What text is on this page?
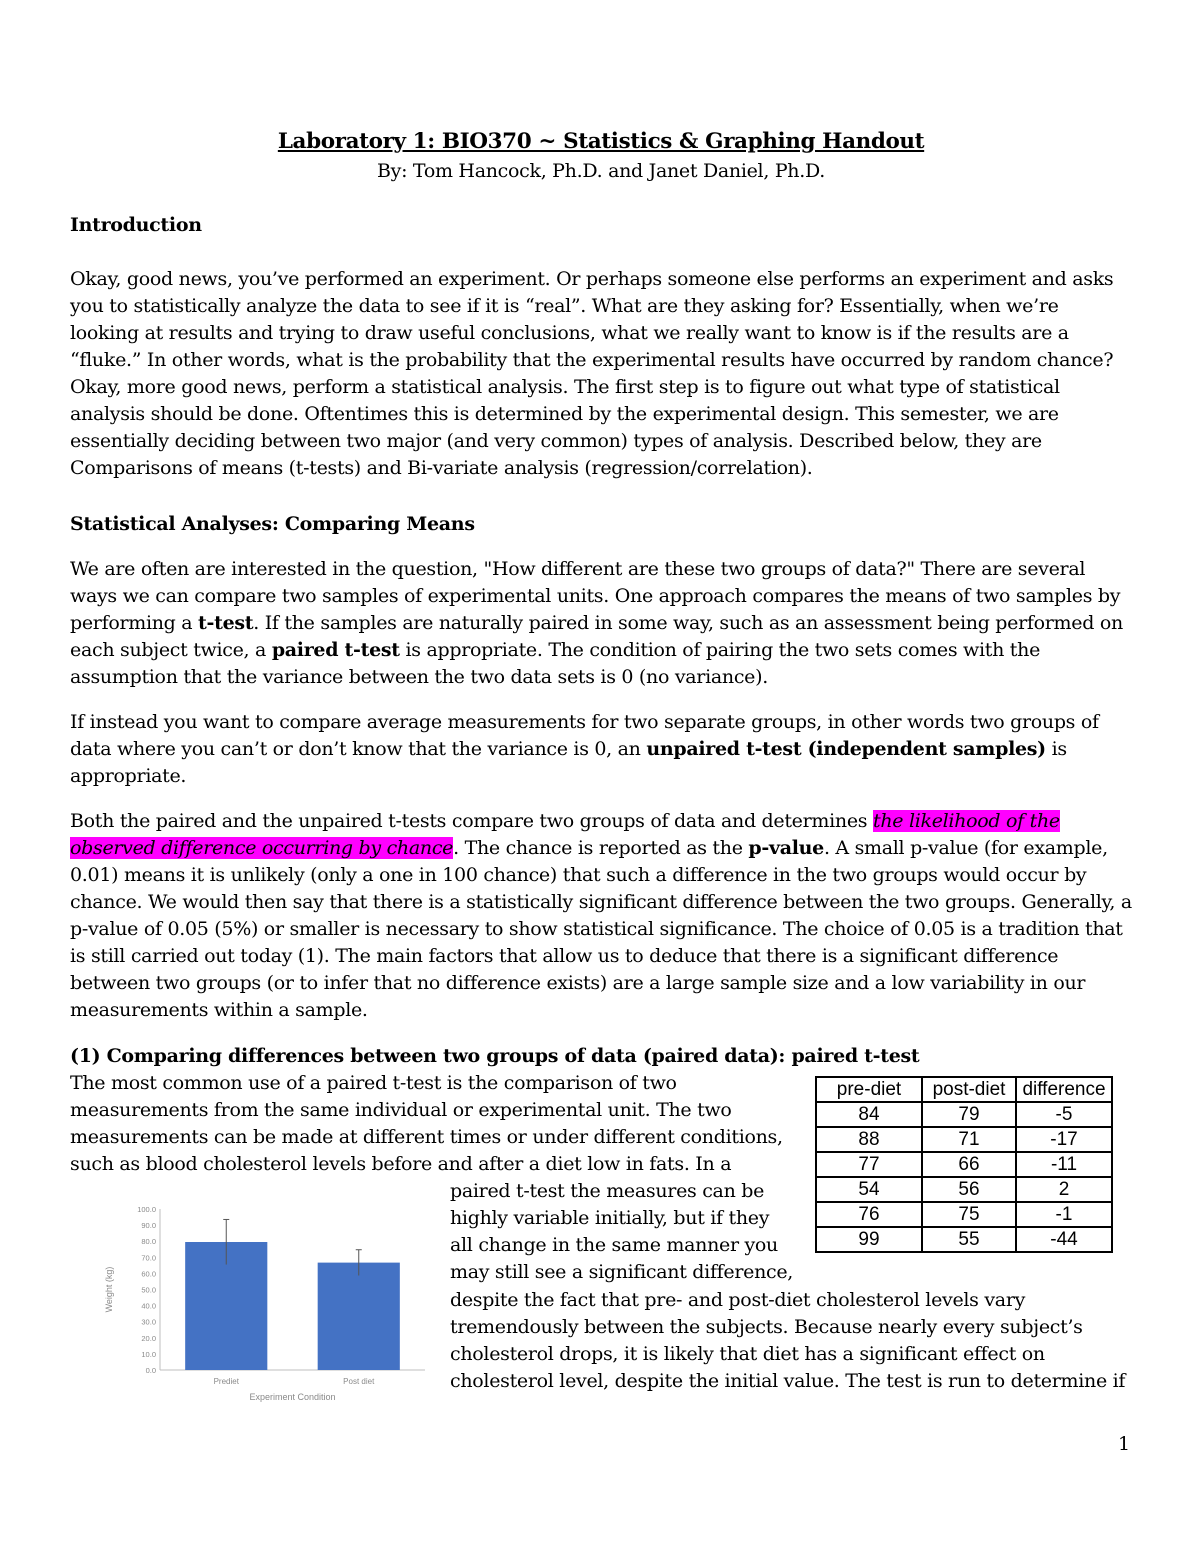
Laboratory 1: BIO370 ~ Statistics & Graphing Handout
By: Tom Hancock, Ph.D. and Janet Daniel, Ph.D.

Introduction

Okay, good news, you’ve performed an experiment. Or perhaps someone else performs an experiment and asks you to statistically analyze the data to see if it is “real”. What are they asking for? Essentially, when we’re looking at results and trying to draw useful conclusions, what we really want to know is if the results are a “fluke.” In other words, what is the probability that the experimental results have occurred by random chance? Okay, more good news, perform a statistical analysis. The first step is to figure out what type of statistical analysis should be done. Oftentimes this is determined by the experimental design. This semester, we are essentially deciding between two major (and very common) types of analysis. Described below, they are Comparisons of means (t-tests) and Bi-variate analysis (regression/correlation).

Statistical Analyses: Comparing Means

We are often are interested in the question, "How different are these two groups of data?" There are several ways we can compare two samples of experimental units. One approach compares the means of two samples by performing a t-test. If the samples are naturally paired in some way, such as an assessment being performed on each subject twice, a paired t-test is appropriate. The condition of pairing the two sets comes with the assumption that the variance between the two data sets is 0 (no variance).

If instead you want to compare average measurements for two separate groups, in other words two groups of data where you can’t or don’t know that the variance is 0, an unpaired t-test (independent samples) is appropriate.

Both the paired and the unpaired t-tests compare two groups of data and determines the likelihood of the observed difference occurring by chance. The chance is reported as the p-value. A small p-value (for example, 0.01) means it is unlikely (only a one in 100 chance) that such a difference in the two groups would occur by chance. We would then say that there is a statistically significant difference between the two groups. Generally, a p-value of 0.05 (5%) or smaller is necessary to show statistical significance. The choice of 0.05 is a tradition that is still carried out today (1). The main factors that allow us to deduce that there is a significant difference between two groups (or to infer that no difference exists) are a large sample size and a low variability in our measurements within a sample.

(1) Comparing differences between two groups of data (paired data): paired t-test

The most common use of a paired t-test is the comparison of two
measurements from the same individual or experimental unit. The two
measurements can be made at different times or under different conditions,
such as blood cholesterol levels before and after a diet low in fats. In a
paired t-test the measures can be
highly variable initially, but if they
all change in the same manner you
may still see a significant difference,
despite the fact that pre- and post-diet cholesterol levels vary
tremendously between the subjects. Because nearly every subject’s
cholesterol drops, it is likely that diet has a significant effect on
cholesterol level, despite the initial value. The test is run to determine if
pre-diet	post-diet	difference
84	79	-5
88	71	-17
77	66	-11
54	56	2
76	75	-1
99	55	-44
0.0
10.0
20.0
30.0
40.0
50.0
60.0
70.0
80.0
90.0
100.0
Prediet	Post diet
Weight (kg)
Experiment Condition
1
